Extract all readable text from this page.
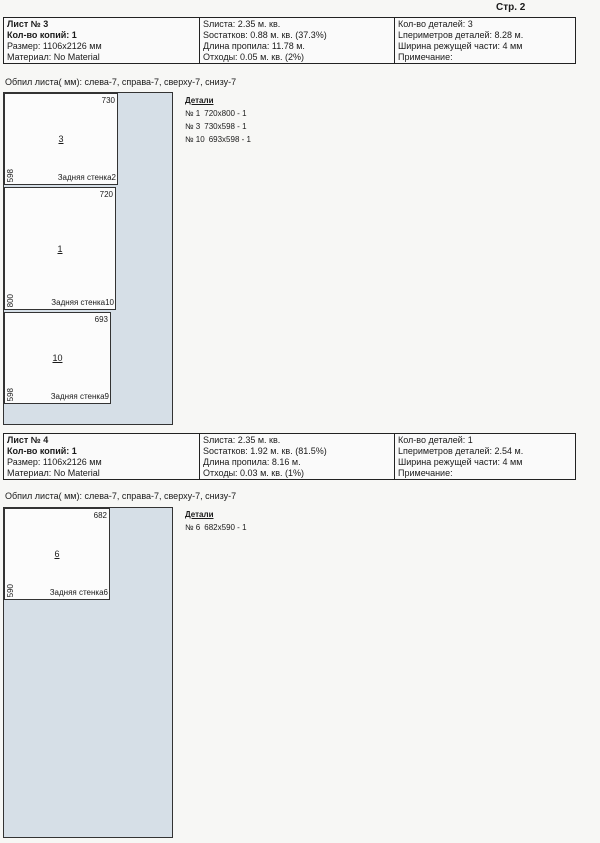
Стр. 2
Лист № 3
Кол-во копий: 1
Размер: 1106x2126 мм
Материал: No Material
Sлиста: 2.35 м. кв.
Sостатков: 0.88 м. кв. (37.3%)
Длина пропила: 11.78 м.
Отходы: 0.05 м. кв. (2%)
Кол-во деталей: 3
Lпериметров деталей: 8.28 м.
Ширина режущей части: 4 мм
Примечание:
Обпил листа( мм): слева-7, справа-7, сверху-7, снизу-7
730
3
598	Задняя стенка2
720
1
800	Задняя стенка10
693
10
598	Задняя стенка9
Детали
№ 1 720x800 - 1
№ 3 730x598 - 1
№ 10 693x598 - 1
Лист № 4
Кол-во копий: 1
Размер: 1106x2126 мм
Материал: No Material
Sлиста: 2.35 м. кв.
Sостатков: 1.92 м. кв. (81.5%)
Длина пропила: 8.16 м.
Отходы: 0.03 м. кв. (1%)
Кол-во деталей: 1
Lпериметров деталей: 2.54 м.
Ширина режущей части: 4 мм
Примечание:
Обпил листа( мм): слева-7, справа-7, сверху-7, снизу-7
682
6
590	Задняя стенка6
Детали
№ 6 682x590 - 1
